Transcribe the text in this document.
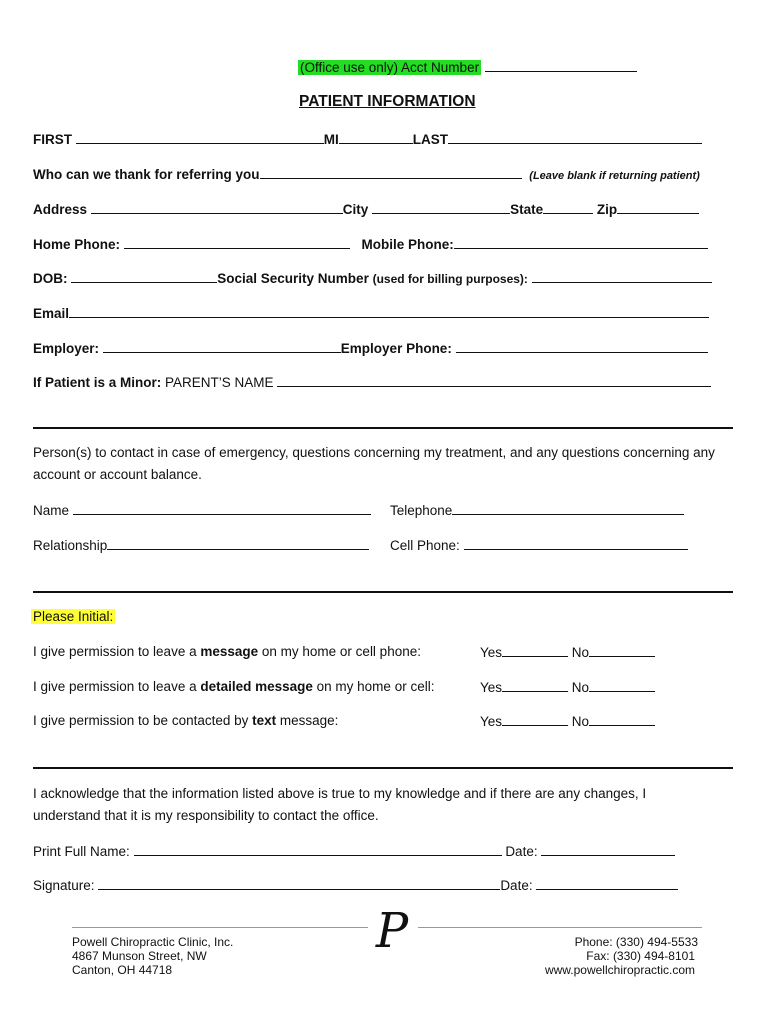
(Office use only) Acct Number
PATIENT INFORMATION
FIRST	MI	LAST
Who can we thank for referring you	(Leave blank if returning patient)
Address	City	State	Zip
Home Phone:	Mobile Phone:
DOB:	Social Security Number (used for billing purposes):
Email
Employer:	Employer Phone:
If Patient is a Minor: PARENT’S NAME
Person(s) to contact in case of emergency, questions concerning my treatment, and any questions concerning any account or account balance.
Name	Telephone
Relationship	Cell Phone:
Please Initial:
I give permission to leave a message on my home or cell phone:	Yes	No
I give permission to leave a detailed message on my home or cell:	Yes	No
I give permission to be contacted by text message:	Yes	No
I acknowledge that the information listed above is true to my knowledge and if there are any changes, I understand that it is my responsibility to contact the office.
Print Full Name:	Date:
Signature:	Date:
P
Powell Chiropractic Clinic, Inc.
4867 Munson Street, NW
Canton, OH 44718
Phone: (330) 494-5533
Fax: (330) 494-8101
www.powellchiropractic.com
